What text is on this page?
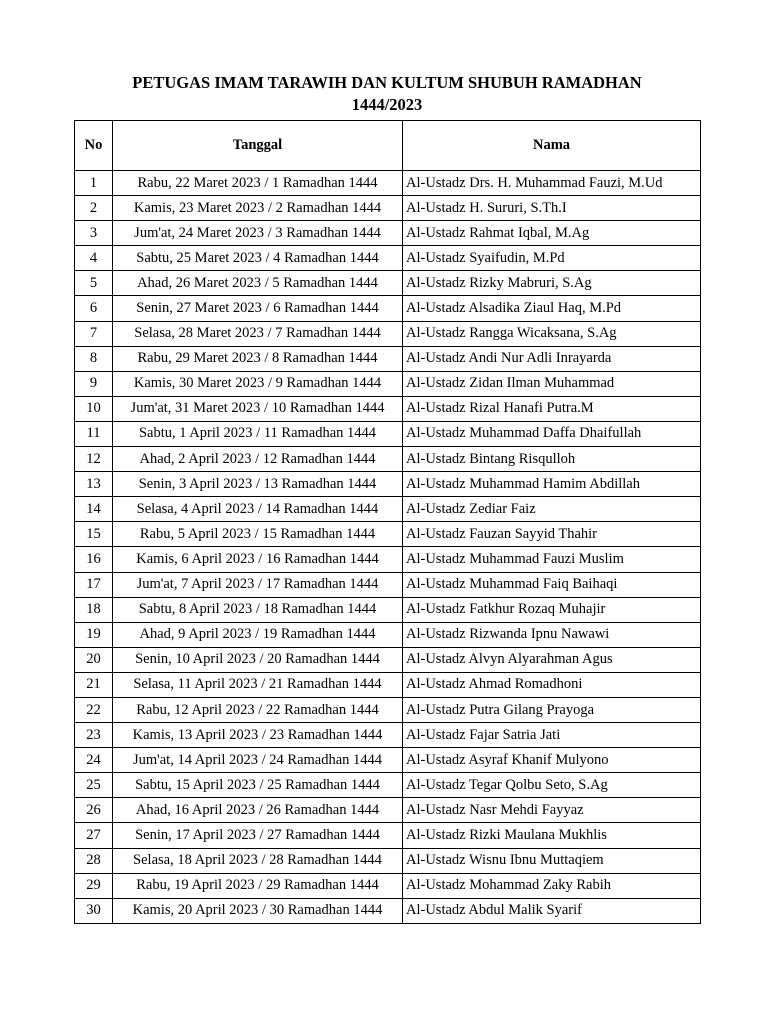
PETUGAS IMAM TARAWIH DAN KULTUM SHUBUH RAMADHAN
1444/2023
No	Tanggal	Nama
1	Rabu, 22 Maret 2023 / 1 Ramadhan 1444	Al-Ustadz Drs. H. Muhammad Fauzi, M.Ud
2	Kamis, 23 Maret 2023 / 2 Ramadhan 1444	Al-Ustadz H. Sururi, S.Th.I
3	Jum'at, 24 Maret 2023 / 3 Ramadhan 1444	Al-Ustadz Rahmat Iqbal, M.Ag
4	Sabtu, 25 Maret 2023 / 4 Ramadhan 1444	Al-Ustadz Syaifudin, M.Pd
5	Ahad, 26 Maret 2023 / 5 Ramadhan 1444	Al-Ustadz Rizky Mabruri, S.Ag
6	Senin, 27 Maret 2023 / 6 Ramadhan 1444	Al-Ustadz Alsadika Ziaul Haq, M.Pd
7	Selasa, 28 Maret 2023 / 7 Ramadhan 1444	Al-Ustadz Rangga Wicaksana, S.Ag
8	Rabu, 29 Maret 2023 / 8 Ramadhan 1444	Al-Ustadz Andi Nur Adli Inrayarda
9	Kamis, 30 Maret 2023 / 9 Ramadhan 1444	Al-Ustadz Zidan Ilman Muhammad
10	Jum'at, 31 Maret 2023 / 10 Ramadhan 1444	Al-Ustadz Rizal Hanafi Putra.M
11	Sabtu, 1 April 2023 / 11 Ramadhan 1444	Al-Ustadz Muhammad Daffa Dhaifullah
12	Ahad, 2 April 2023 / 12 Ramadhan 1444	Al-Ustadz Bintang Risqulloh
13	Senin, 3 April 2023 / 13 Ramadhan 1444	Al-Ustadz Muhammad Hamim Abdillah
14	Selasa, 4 April 2023 / 14 Ramadhan 1444	Al-Ustadz Zediar Faiz
15	Rabu, 5 April 2023 / 15 Ramadhan 1444	Al-Ustadz Fauzan Sayyid Thahir
16	Kamis, 6 April 2023 / 16 Ramadhan 1444	Al-Ustadz Muhammad Fauzi Muslim
17	Jum'at, 7 April 2023 / 17 Ramadhan 1444	Al-Ustadz Muhammad Faiq Baihaqi
18	Sabtu, 8 April 2023 / 18 Ramadhan 1444	Al-Ustadz Fatkhur Rozaq Muhajir
19	Ahad, 9 April 2023 / 19 Ramadhan 1444	Al-Ustadz Rizwanda Ipnu Nawawi
20	Senin, 10 April 2023 / 20 Ramadhan 1444	Al-Ustadz Alvyn Alyarahman Agus
21	Selasa, 11 April 2023 / 21 Ramadhan 1444	Al-Ustadz Ahmad Romadhoni
22	Rabu, 12 April 2023 / 22 Ramadhan 1444	Al-Ustadz Putra Gilang Prayoga
23	Kamis, 13 April 2023 / 23 Ramadhan 1444	Al-Ustadz Fajar Satria Jati
24	Jum'at, 14 April 2023 / 24 Ramadhan 1444	Al-Ustadz Asyraf Khanif Mulyono
25	Sabtu, 15 April 2023 / 25 Ramadhan 1444	Al-Ustadz Tegar Qolbu Seto, S.Ag
26	Ahad, 16 April 2023 / 26 Ramadhan 1444	Al-Ustadz Nasr Mehdi Fayyaz
27	Senin, 17 April 2023 / 27 Ramadhan 1444	Al-Ustadz Rizki Maulana Mukhlis
28	Selasa, 18 April 2023 / 28 Ramadhan 1444	Al-Ustadz Wisnu Ibnu Muttaqiem
29	Rabu, 19 April 2023 / 29 Ramadhan 1444	Al-Ustadz Mohammad Zaky Rabih
30	Kamis, 20 April 2023 / 30 Ramadhan 1444	Al-Ustadz Abdul Malik Syarif
